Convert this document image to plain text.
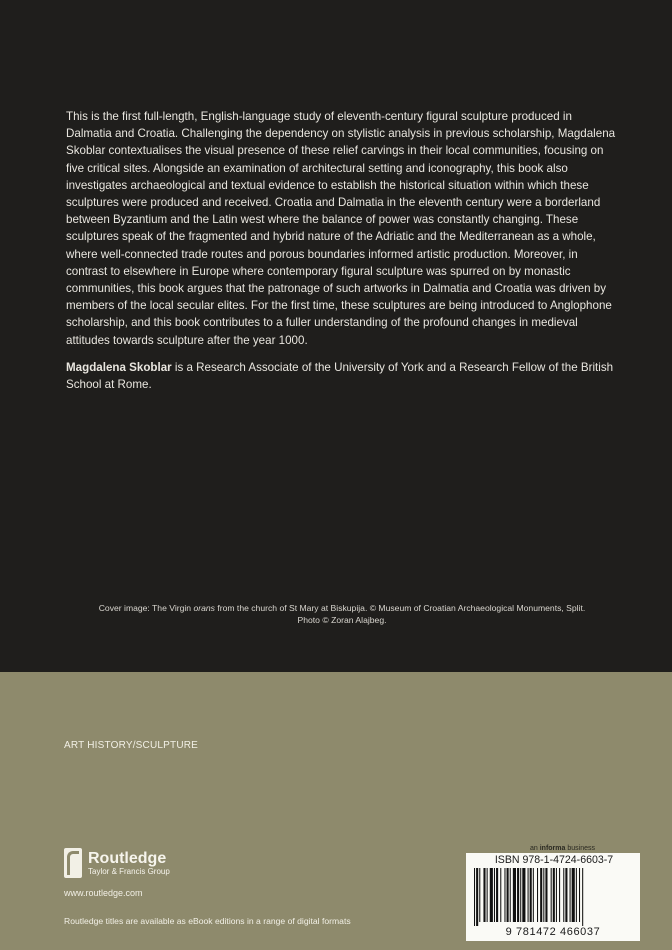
This is the first full-length, English-language study of eleventh-century figural sculpture produced in Dalmatia and Croatia. Challenging the dependency on stylistic analysis in previous scholarship, Magdalena Skoblar contextualises the visual presence of these relief carvings in their local communities, focusing on five critical sites. Alongside an examination of architectural setting and iconography, this book also investigates archaeological and textual evidence to establish the historical situation within which these sculptures were produced and received. Croatia and Dalmatia in the eleventh century were a borderland between Byzantium and the Latin west where the balance of power was constantly changing. These sculptures speak of the fragmented and hybrid nature of the Adriatic and the Mediterranean as a whole, where well-connected trade routes and porous boundaries informed artistic production. Moreover, in contrast to elsewhere in Europe where contemporary figural sculpture was spurred on by monastic communities, this book argues that the patronage of such artworks in Dalmatia and Croatia was driven by members of the local secular elites. For the first time, these sculptures are being introduced to Anglophone scholarship, and this book contributes to a fuller understanding of the profound changes in medieval attitudes towards sculpture after the year 1000.

Magdalena Skoblar is a Research Associate of the University of York and a Research Fellow of the British School at Rome.

Cover image: The Virgin orans from the church of St Mary at Biskupija. © Museum of Croatian Archaeological Monuments, Split.
Photo © Zoran Alajbeg.
ART HISTORY/SCULPTURE
Routledge
Taylor & Francis Group
www.routledge.com
Routledge titles are available as eBook editions in a range of digital formats
an informa business
ISBN 978-1-4724-6603-7
9 781472 466037
